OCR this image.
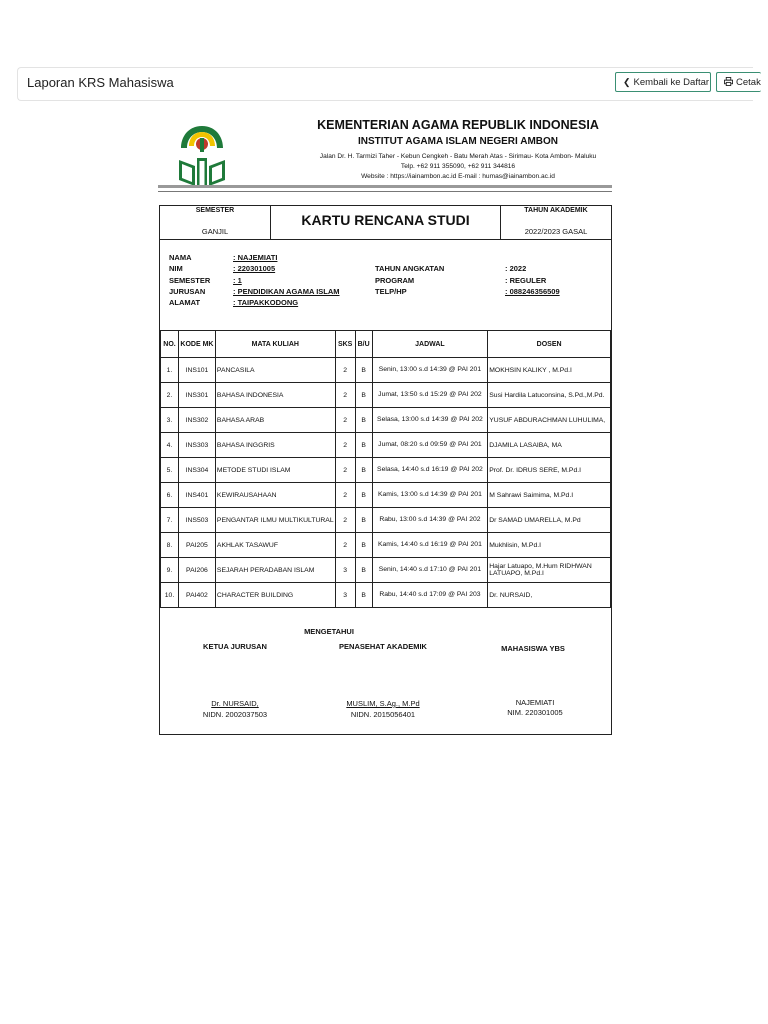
Laporan KRS Mahasiswa	❮ Kembali ke Daftar	Cetak
KEMENTERIAN AGAMA REPUBLIK INDONESIA
INSTITUT AGAMA ISLAM NEGERI AMBON
Jalan Dr. H. Tarmizi Taher - Kebun Cengkeh - Batu Merah Atas - Sirimau- Kota Ambon- Maluku
Telp. +62 911 355090, +62 911 344816
Website : https://iainambon.ac.id E-mail : humas@iainambon.ac.id
SEMESTER
GANJIL
KARTU RENCANA STUDI
TAHUN AKADEMIK
2022/2023 GASAL
NAMA	: NAJEMIATI
NIM	: 220301005
SEMESTER	: 1
JURUSAN	: PENDIDIKAN AGAMA ISLAM
ALAMAT	: TAIPAKKODONG
TAHUN ANGKATAN	: 2022
PROGRAM	: REGULER
TELP/HP	: 088246356509
NO.	KODE MK	MATA KULIAH	SKS	B/U	JADWAL	DOSEN
1.	INS101	PANCASILA	2	B	Senin, 13:00 s.d 14:39 @ PAI 201	MOKHSIN KALIKY , M.Pd.I
2.	INS301	BAHASA INDONESIA	2	B	Jumat, 13:50 s.d 15:29 @ PAI 202	Susi Hardila Latuconsina, S.Pd.,M.Pd.
3.	INS302	BAHASA ARAB	2	B	Selasa, 13:00 s.d 14:39 @ PAI 202	YUSUF ABDURACHMAN LUHULIMA,
4.	INS303	BAHASA INGGRIS	2	B	Jumat, 08:20 s.d 09:59 @ PAI 201	DJAMILA LASAIBA, MA
5.	INS304	METODE STUDI ISLAM	2	B	Selasa, 14:40 s.d 16:19 @ PAI 202	Prof. Dr. IDRUS SERE, M.Pd.I
6.	INS401	KEWIRAUSAHAAN	2	B	Kamis, 13:00 s.d 14:39 @ PAI 201	M Sahrawi Saimima, M.Pd.I
7.	INS503	PENGANTAR ILMU MULTIKULTURAL	2	B	Rabu, 13:00 s.d 14:39 @ PAI 202	Dr SAMAD UMARELLA, M.Pd
8.	PAI205	AKHLAK TASAWUF	2	B	Kamis, 14:40 s.d 16:19 @ PAI 201	Mukhlisin, M.Pd.I
9.	PAI206	SEJARAH PERADABAN ISLAM	3	B	Senin, 14:40 s.d 17:10 @ PAI 201	Hajar Latuapo, M.Hum RIDHWAN LATUAPO, M.Pd.I
10.	PAI402	CHARACTER BUILDING	3	B	Rabu, 14:40 s.d 17:09 @ PAI 203	Dr. NURSAID,
MENGETAHUI
KETUA JURUSAN	PENASEHAT AKADEMIK	MAHASISWA YBS
Dr. NURSAID,
NIDN. 2002037503
MUSLIM, S.Ag., M.Pd
NIDN. 2015056401
NAJEMIATI
NIM. 220301005
